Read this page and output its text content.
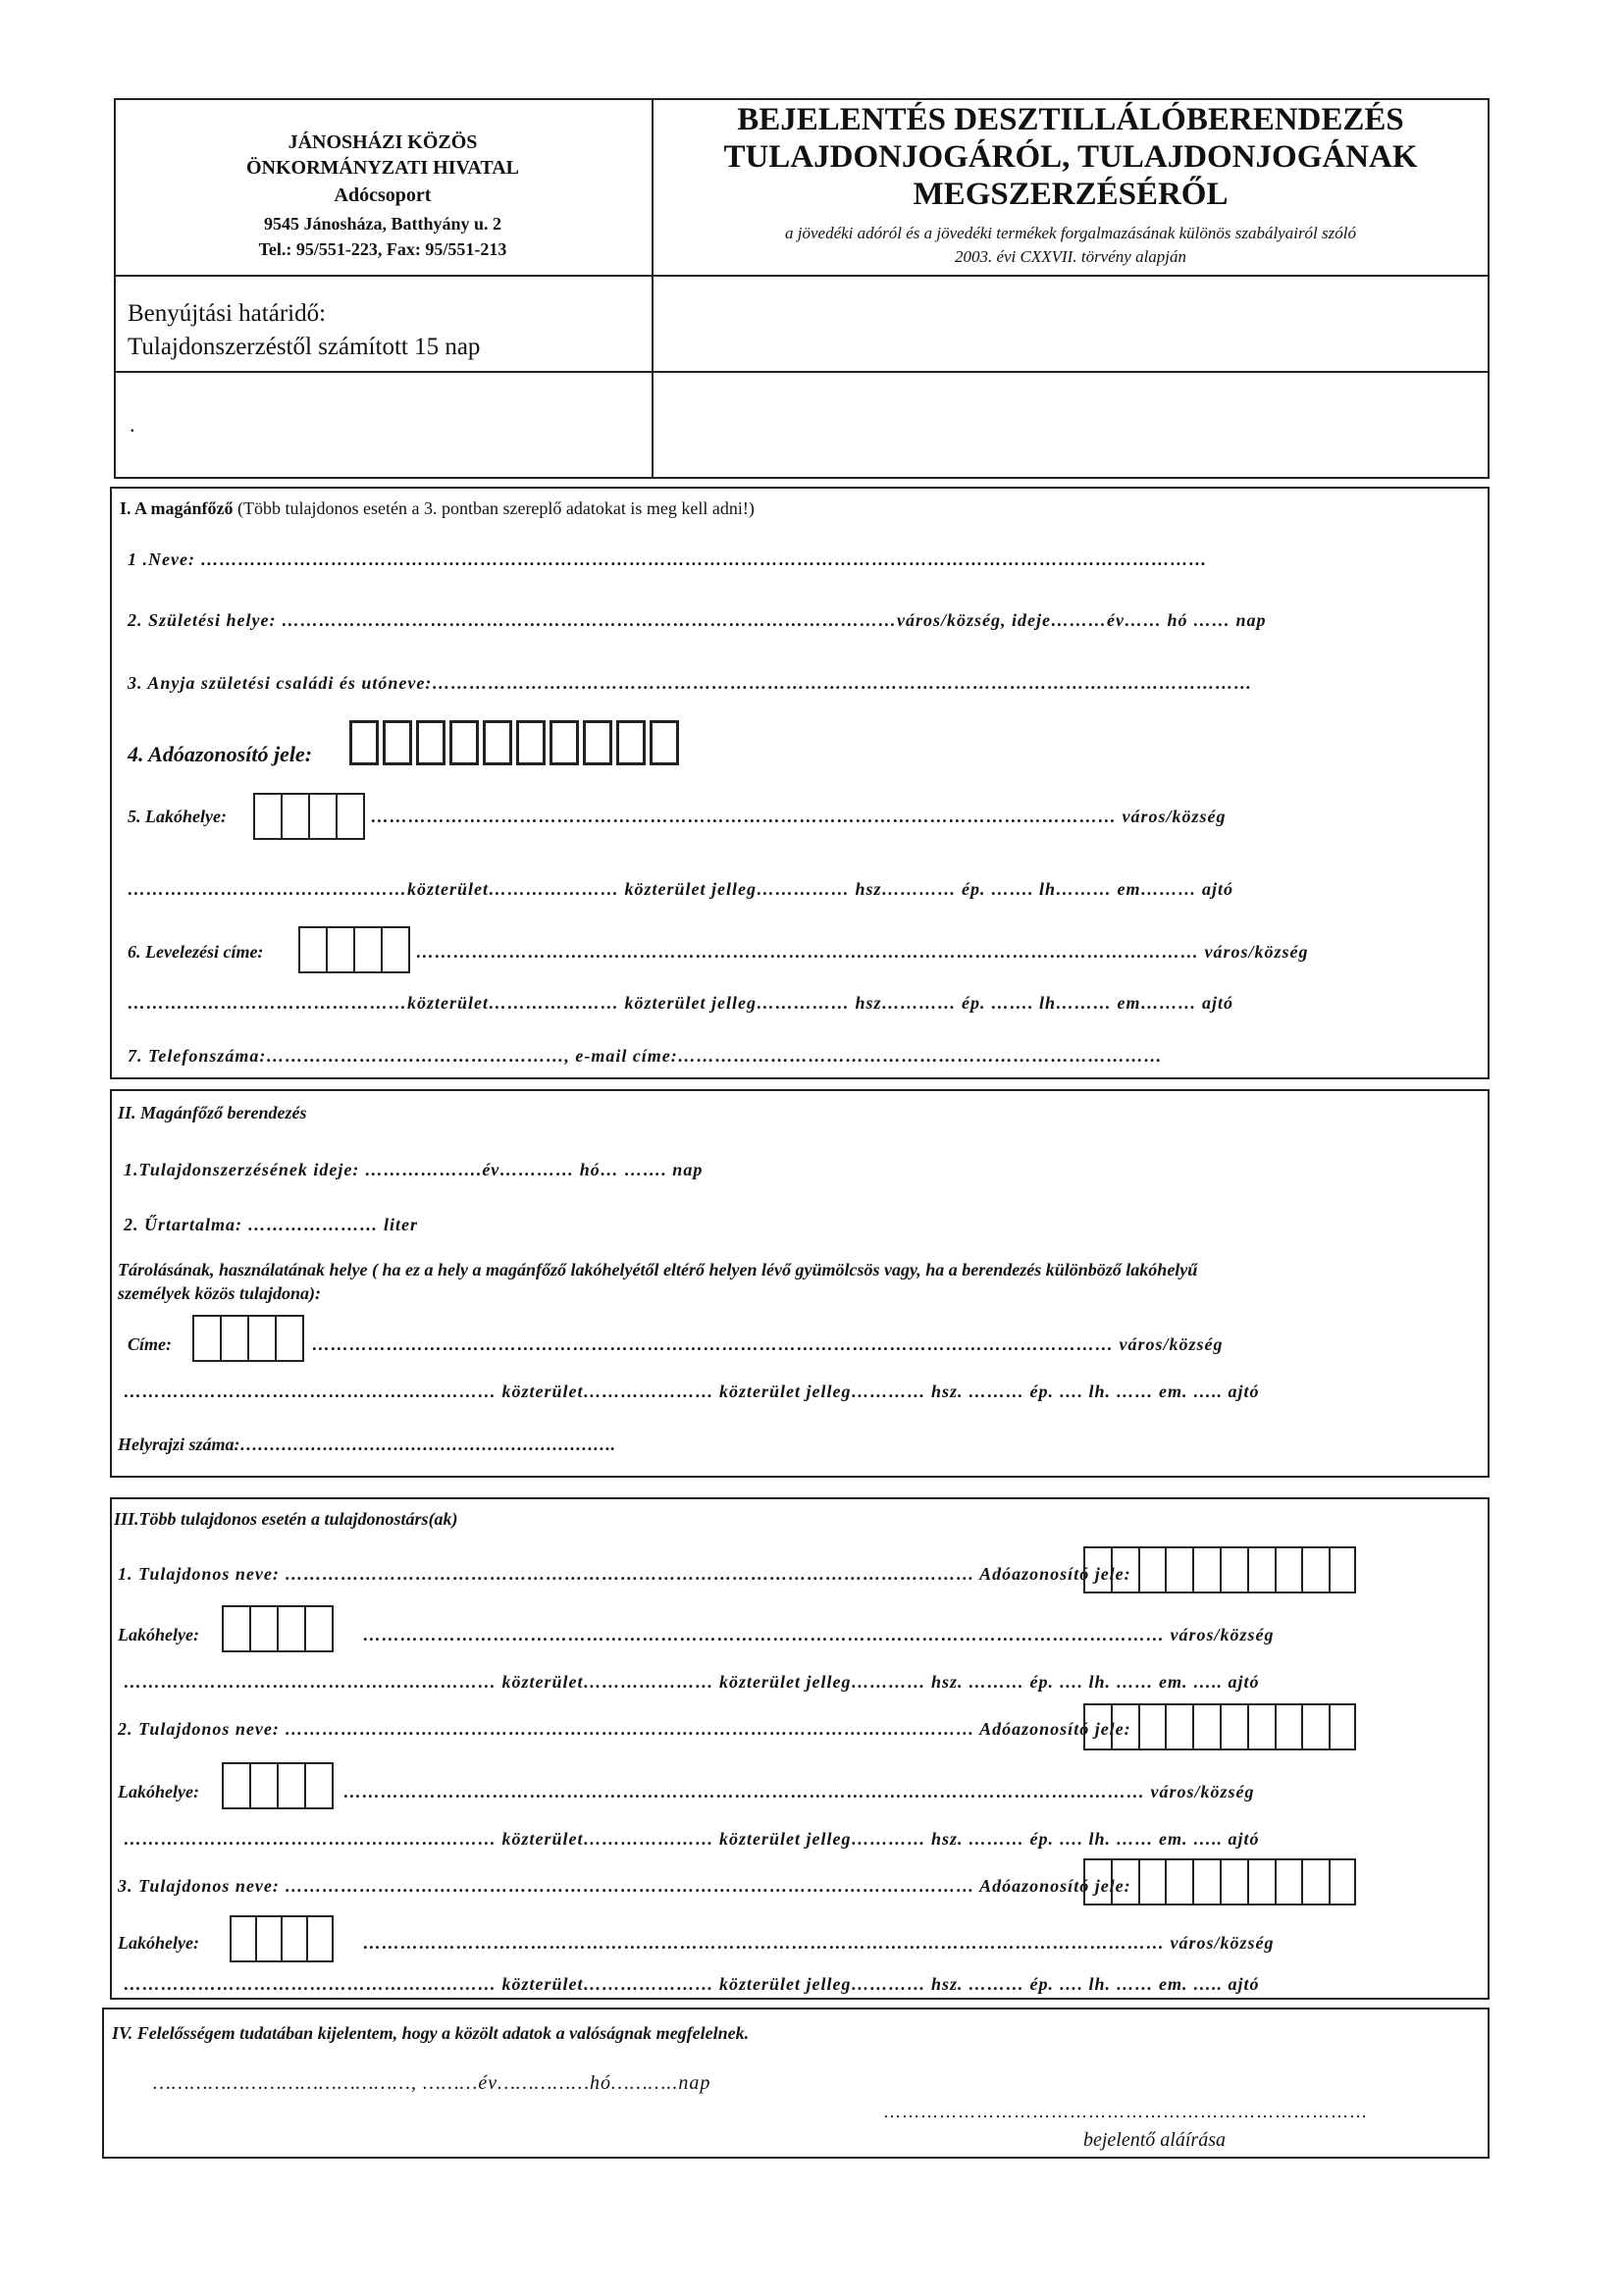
JÁNOSHÁZI KÖZÖS
ÖNKORMÁNYZATI HIVATAL
Adócsoport
9545 Jánosháza, Batthyány u. 2
Tel.: 95/551-223, Fax: 95/551-213
BEJELENTÉS DESZTILLÁLÓBERENDEZÉS
TULAJDONJOGÁRÓL, TULAJDONJOGÁNAK
MEGSZERZÉSÉRŐL
a jövedéki adóról és a jövedéki termékek forgalmazásának különös szabályairól szóló
2003. évi CXXVII. törvény alapján
Benyújtási határidő:
Tulajdonszerzéstől számított 15 nap
.
I. A magánfőző (Több tulajdonos esetén a 3. pontban szereplő adatokat is meg kell adni!)
1 .Neve: ………………………………………………………………………………………………………………………………………………
2. Születési helye: ………………………………………………………………………………………város/község, ideje………év…… hó …… nap
3. Anyja születési családi és utóneve:……………………………………………………………………………………………………………………
4. Adóazonosító jele:
5. Lakóhelye:	………………………………………………………………………………………………………… város/község
………………………………………közterület………………… közterület jelleg…………… hsz………… ép. ……. lh……… em……… ajtó
6. Levelezési címe:	……………………………………………………………………………………………………………… város/község
………………………………………közterület………………… közterület jelleg…………… hsz………… ép. ……. lh……… em……… ajtó
7. Telefonszáma:…………………………………………, e-mail címe:……………………………………………………………………
II. Magánfőző berendezés
1.Tulajdonszerzésének ideje: ……………….év………… hó… ……. nap
2. Űrtartalma: ………………… liter
Tárolásának, használatának helye ( ha ez a hely a magánfőző lakóhelyétől eltérő helyen lévő gyümölcsös vagy, ha a berendezés különböző lakóhelyű
személyek közös tulajdona):
Címe:	………………………………………………………………………………………………………………… város/község
…………………………………………………… közterület………………… közterület jelleg………… hsz. ……… ép. …. lh. …… em. ….. ajtó
Helyrajzi száma:……………………………………………………….
III.Több tulajdonos esetén a tulajdonostárs(ak)
1. Tulajdonos neve: ………………………………………………………………………………………………… Adóazonosító jele:
Lakóhelye:	………………………………………………………………………………………………………………… város/község
…………………………………………………… közterület………………… közterület jelleg………… hsz. ……… ép. …. lh. …… em. ….. ajtó
2. Tulajdonos neve: ………………………………………………………………………………………………… Adóazonosító jele:
Lakóhelye:	………………………………………………………………………………………………………………… város/község
…………………………………………………… közterület………………… közterület jelleg………… hsz. ……… ép. …. lh. …… em. ….. ajtó
3. Tulajdonos neve: ………………………………………………………………………………………………… Adóazonosító jele:
Lakóhelye:	………………………………………………………………………………………………………………… város/község
…………………………………………………… közterület………………… közterület jelleg………… hsz. ……… ép. …. lh. …… em. ….. ajtó
IV. Felelősségem tudatában kijelentem, hogy a közölt adatok a valóságnak megfelelnek.
……………………………………, ………év……………hó………..nap
……………………………………………………………………
bejelentő aláírása
